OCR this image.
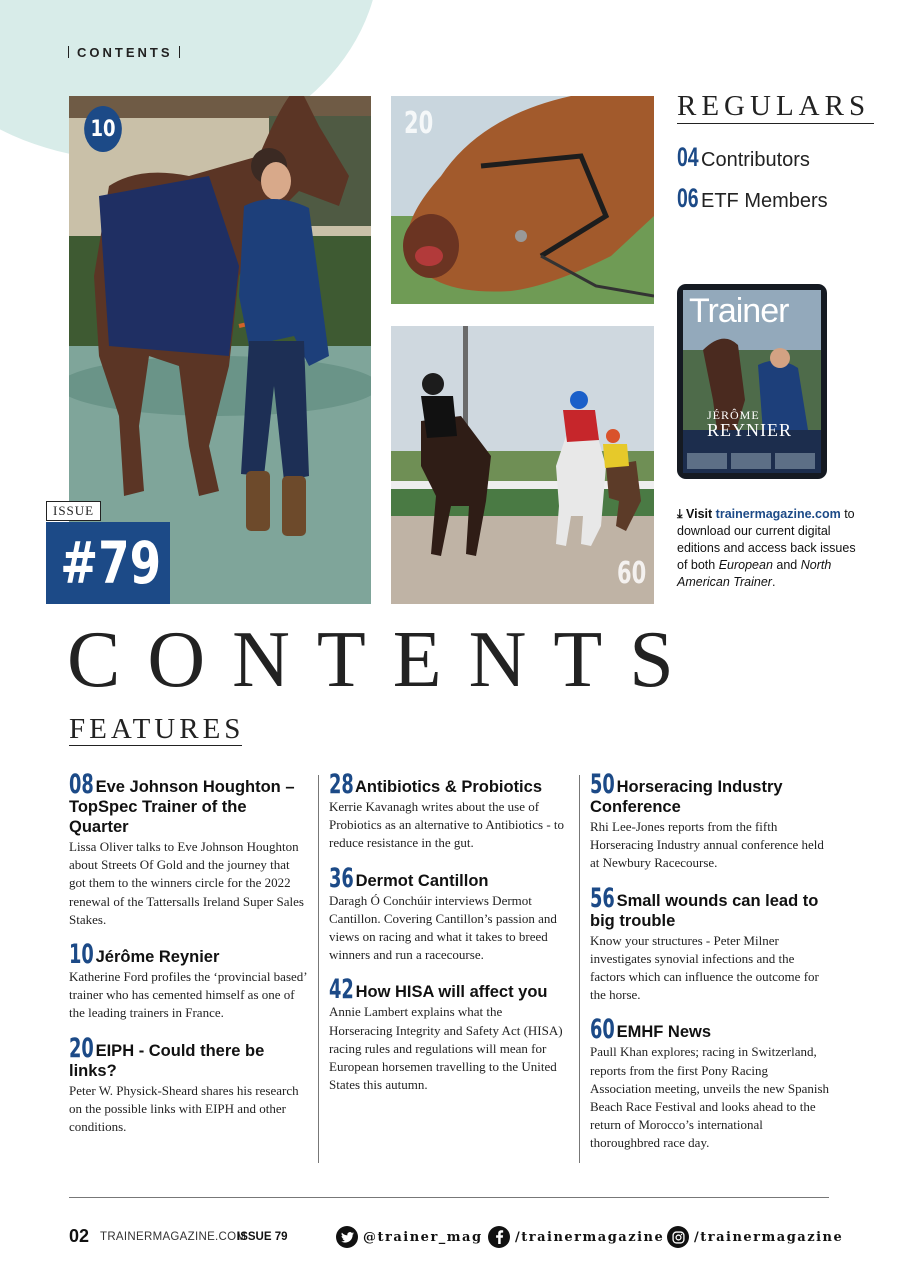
CONTENTS
10	20
60
ISSUE
#79
REGULARS
04 Contributors
06 ETF Members
Trainer
JÉRÔME
REYNIER
⤓ Visit trainermagazine.com to download our current digital editions and access back issues of both European and North American Trainer.
CONTENTS
FEATURES
08 Eve Johnson Houghton – TopSpec Trainer of the Quarter
Lissa Oliver talks to Eve Johnson Houghton about Streets Of Gold and the journey that got them to the winners circle for the 2022 renewal of the Tattersalls Ireland Super Sales Stakes.
10 Jérôme Reynier
Katherine Ford profiles the ‘provincial based’ trainer who has cemented himself as one of the leading trainers in France.
20 EIPH - Could there be links?
Peter W. Physick-Sheard shares his research on the possible links with EIPH and other conditions.
28 Antibiotics & Probiotics
Kerrie Kavanagh writes about the use of Probiotics as an alternative to Antibiotics - to reduce resistance in the gut.
36 Dermot Cantillon
Daragh Ó Conchúir interviews Dermot Cantillon. Covering Cantillon’s passion and views on racing and what it takes to breed winners and run a racecourse.
42 How HISA will affect you
Annie Lambert explains what the Horseracing Integrity and Safety Act (HISA) racing rules and regulations will mean for European horsemen travelling to the United States this autumn.
50 Horseracing Industry Conference
Rhi Lee-Jones reports from the fifth Horseracing Industry annual conference held at Newbury Racecourse.
56 Small wounds can lead to big trouble
Know your structures - Peter Milner investigates synovial infections and the factors which can influence the outcome for the horse.
60 EMHF News
Paull Khan explores; racing in Switzerland, reports from the first Pony Racing Association meeting, unveils the new Spanish Beach Race Festival and looks ahead to the return of Morocco’s international thoroughbred race day.
02 TRAINERMAGAZINE.COM
ISSUE 79	@trainer_mag /trainermagazine /trainermagazine
